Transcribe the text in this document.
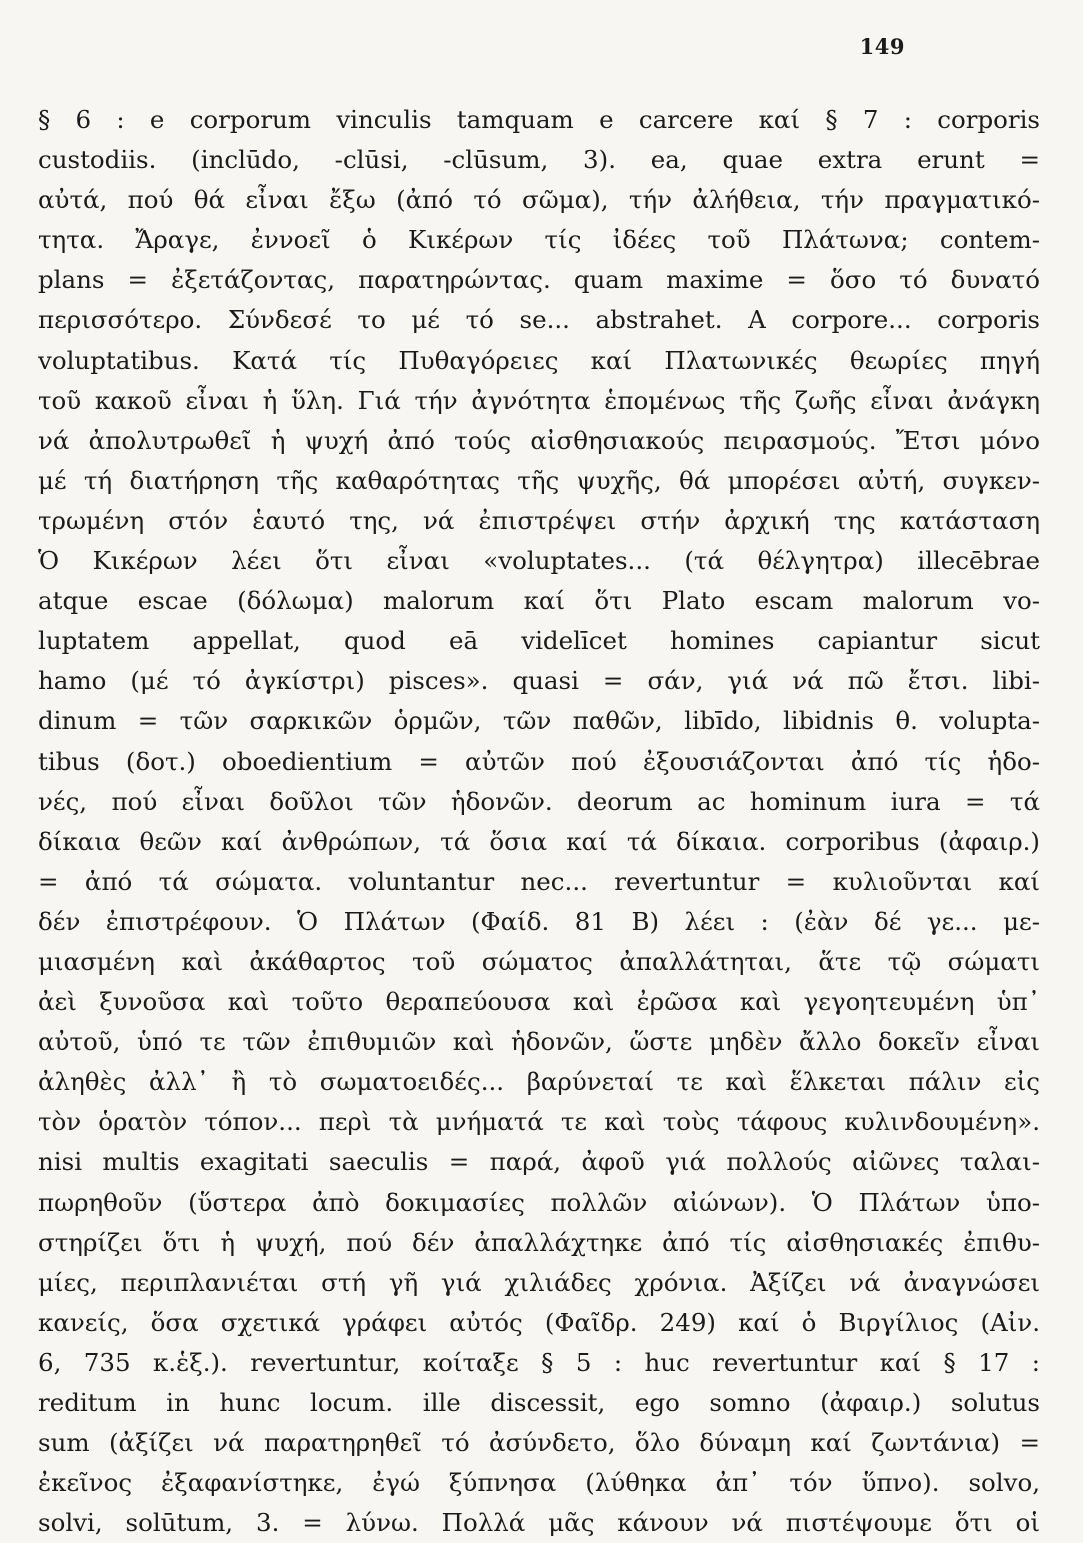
149
§ 6 : e corporum vinculis tamquam e carcere καί § 7 : corporis
custodiis. (inclūdo, -clūsi, -clūsum, 3). ea, quae extra erunt =
αὐτά, πού θά εἶναι ἔξω (ἀπό τό σῶμα), τήν ἀλήθεια, τήν πραγματικό-
τητα. Ἄραγε, ἐννοεῖ ὁ Κικέρων τίς ἰδέες τοῦ Πλάτωνα; contem-
plans = ἐξετάζοντας, παρατηρώντας. quam maxime = ὅσο τό δυνατό
περισσότερο. Σύνδεσέ το μέ τό se... abstrahet. A corpore... corporis
voluptatibus. Κατά τίς Πυθαγόρειες καί Πλατωνικές θεωρίες πηγή
τοῦ κακοῦ εἶναι ἡ ὕλη. Γιά τήν ἀγνότητα ἑπομένως τῆς ζωῆς εἶναι ἀνάγκη
νά ἀπολυτρωθεῖ ἡ ψυχή ἀπό τούς αἰσθησιακούς πειρασμούς. Ἔτσι μόνο
μέ τή διατήρηση τῆς καθαρότητας τῆς ψυχῆς, θά μπορέσει αὐτή, συγκεν-
τρωμένη στόν ἑαυτό της, νά ἐπιστρέψει στήν ἀρχική της κατάσταση
Ὁ Κικέρων λέει ὅτι εἶναι «voluptates... (τά θέλγητρα) illecēbrae
atque escae (δόλωμα) malorum καί ὅτι Plato escam malorum vo-
luptatem appellat, quod eā videlīcet homines capiantur sicut
hamo (μέ τό ἀγκίστρι) pisces». quasi = σάν, γιά νά πῶ ἔτσι. libi-
dinum = τῶν σαρκικῶν ὁρμῶν, τῶν παθῶν, libīdo, libidnis θ. volupta-
tibus (δοτ.) oboedientium = αὐτῶν πού ἐξουσιάζονται ἀπό τίς ἡδο-
νές, πού εἶναι δοῦλοι τῶν ἡδονῶν. deorum ac hominum iura = τά
δίκαια θεῶν καί ἀνθρώπων, τά ὅσια καί τά δίκαια. corporibus (ἀφαιρ.)
= ἀπό τά σώματα. voluntantur nec... revertuntur = κυλιοῦνται καί
δέν ἐπιστρέφουν. Ὁ Πλάτων (Φαίδ. 81 Β) λέει : (ἐὰν δέ γε... με-
μιασμένη καὶ ἀκάθαρτος τοῦ σώματος ἀπαλλάτηται, ἅτε τῷ σώματι
ἀεὶ ξυνοῦσα καὶ τοῦτο θεραπεύουσα καὶ ἐρῶσα καὶ γεγοητευμένη ὑπ᾽
αὐτοῦ, ὑπό τε τῶν ἐπιθυμιῶν καὶ ἡδονῶν, ὥστε μηδὲν ἄλλο δοκεῖν εἶναι
ἀληθὲς ἀλλ᾽ ἢ τὸ σωματοειδές... βαρύνεταί τε καὶ ἕλκεται πάλιν εἰς
τὸν ὁρατὸν τόπον... περὶ τὰ μνήματά τε καὶ τοὺς τάφους κυλινδουμένη».
nisi multis exagitati saeculis = παρά, ἀφοῦ γιά πολλούς αἰῶνες ταλαι-
πωρηθοῦν (ὕστερα ἀπὸ δοκιμασίες πολλῶν αἰώνων). Ὁ Πλάτων ὑπο-
στηρίζει ὅτι ἡ ψυχή, πού δέν ἀπαλλάχτηκε ἀπό τίς αἰσθησιακές ἐπιθυ-
μίες, περιπλανιέται στή γῆ γιά χιλιάδες χρόνια. Ἀξίζει νά ἀναγνώσει
κανείς, ὅσα σχετικά γράφει αὐτός (Φαῖδρ. 249) καί ὁ Βιργίλιος (Αἰν.
6, 735 κ.ἑξ.). revertuntur, κοίταξε § 5 : huc revertuntur καί § 17 :
reditum in hunc locum. ille discessit, ego somno (ἀφαιρ.) solutus
sum (ἀξίζει νά παρατηρηθεῖ τό ἀσύνδετο, ὅλο δύναμη καί ζωντάνια) =
ἐκεῖνος ἐξαφανίστηκε, ἐγώ ξύπνησα (λύθηκα ἀπ᾽ τόν ὕπνο). solvo,
solvi, solūtum, 3. = λύνω. Πολλά μᾶς κάνουν νά πιστέψουμε ὅτι οἱ
